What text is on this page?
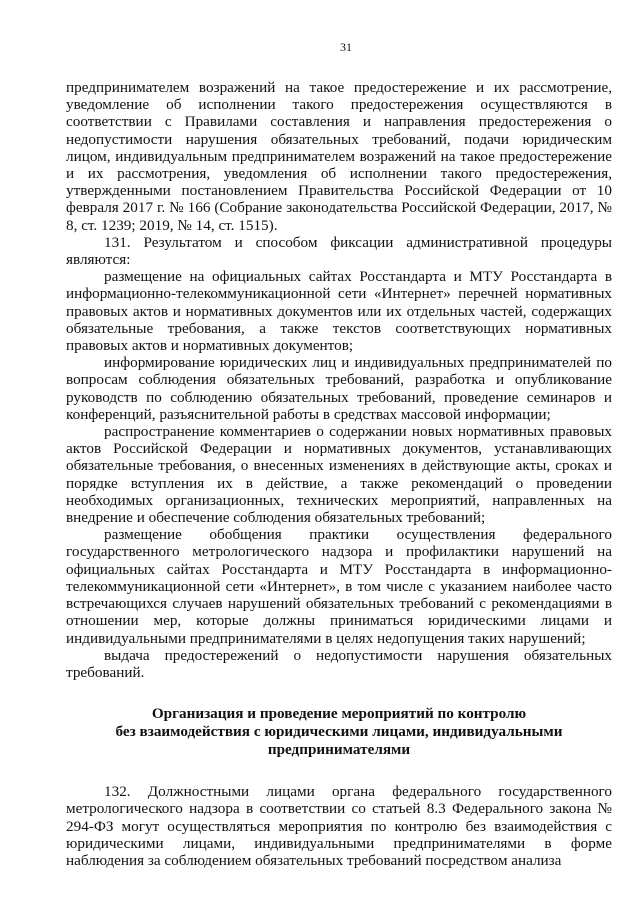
31

предпринимателем возражений на такое предостережение и их рассмотрение, уведомление об исполнении такого предостережения осуществляются в соответствии с Правилами составления и направления предостережения о недопустимости нарушения обязательных требований, подачи юридическим лицом, индивидуальным предпринимателем возражений на такое предостережение и их рассмотрения, уведомления об исполнении такого предостережения, утвержденными постановлением Правительства Российской Федерации от 10 февраля 2017 г. № 166 (Собрание законодательства Российской Федерации, 2017, № 8, ст. 1239; 2019, № 14, ст. 1515).

131. Результатом и способом фиксации административной процедуры являются:

размещение на официальных сайтах Росстандарта и МТУ Росстандарта в информационно-телекоммуникационной сети «Интернет» перечней нормативных правовых актов и нормативных документов или их отдельных частей, содержащих обязательные требования, а также текстов соответствующих нормативных правовых актов и нормативных документов;

информирование юридических лиц и индивидуальных предпринимателей по вопросам соблюдения обязательных требований, разработка и опубликование руководств по соблюдению обязательных требований, проведение семинаров и конференций, разъяснительной работы в средствах массовой информации;

распространение комментариев о содержании новых нормативных правовых актов Российской Федерации и нормативных документов, устанавливающих обязательные требования, о внесенных изменениях в действующие акты, сроках и порядке вступления их в действие, а также рекомендаций о проведении необходимых организационных, технических мероприятий, направленных на внедрение и обеспечение соблюдения обязательных требований;

размещение обобщения практики осуществления федерального государственного метрологического надзора и профилактики нарушений на официальных сайтах Росстандарта и МТУ Росстандарта в информационно-телекоммуникационной сети «Интернет», в том числе с указанием наиболее часто встречающихся случаев нарушений обязательных требований с рекомендациями в отношении мер, которые должны приниматься юридическими лицами и индивидуальными предпринимателями в целях недопущения таких нарушений;

выдача предостережений о недопустимости нарушения обязательных требований.

Организация и проведение мероприятий по контролю
без взаимодействия с юридическими лицами, индивидуальными
предпринимателями

132. Должностными лицами органа федерального государственного метрологического надзора в соответствии со статьей 8.3 Федерального закона № 294-ФЗ могут осуществляться мероприятия по контролю без взаимодействия с юридическими лицами, индивидуальными предпринимателями в форме наблюдения за соблюдением обязательных требований посредством анализа
